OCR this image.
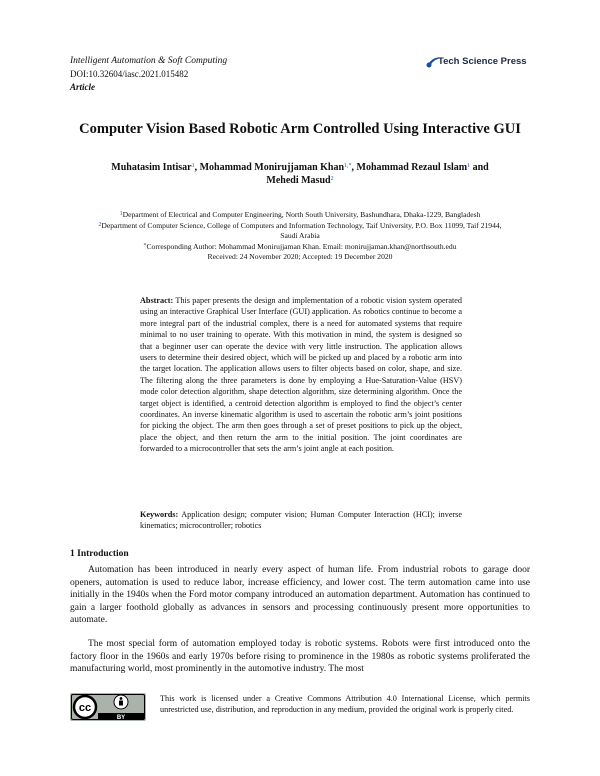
Intelligent Automation & Soft Computing
DOI:10.32604/iasc.2021.015482
Article
Tech Science Press
Computer Vision Based Robotic Arm Controlled Using Interactive GUI
Muhatasim Intisar$^1$, Mohammad Monirujjaman Khan$^{1,*}$, Mohammad Rezaul Islam$^1$ and
Mehedi Masud$^2$
$^1$Department of Electrical and Computer Engineering, North South University, Bashundhara, Dhaka-1229, Bangladesh
$^2$Department of Computer Science, College of Computers and Information Technology, Taif University, P.O. Box 11099, Taif 21944,
Saudi Arabia
*Corresponding Author: Mohammad Monirujjaman Khan. Email: monirujjaman.khan@northsouth.edu
Received: 24 November 2020; Accepted: 19 December 2020
Abstract: This paper presents the design and implementation of a robotic vision system operated using an interactive Graphical User Interface (GUI) application. As robotics continue to become a more integral part of the industrial complex, there is a need for automated systems that require minimal to no user training to operate. With this motivation in mind, the system is designed so that a beginner user can operate the device with very little instruction. The application allows users to determine their desired object, which will be picked up and placed by a robotic arm into the target location. The application allows users to filter objects based on color, shape, and size. The filtering along the three parameters is done by employing a Hue-Saturation-Value (HSV) mode color detection algorithm, shape detection algorithm, size determining algorithm. Once the target object is identified, a centroid detection algorithm is employed to find the object’s center coordinates. An inverse kinematic algorithm is used to ascertain the robotic arm’s joint positions for picking the object. The arm then goes through a set of preset positions to pick up the object, place the object, and then return the arm to the initial position. The joint coordinates are forwarded to a microcontroller that sets the arm’s joint angle at each position.
Keywords: Application design; computer vision; Human Computer Interaction (HCI); inverse kinematics; microcontroller; robotics
1 Introduction
Automation has been introduced in nearly every aspect of human life. From industrial robots to garage door openers, automation is used to reduce labor, increase efficiency, and lower cost. The term automation came into use initially in the 1940s when the Ford motor company introduced an automation department. Automation has continued to gain a larger foothold globally as advances in sensors and processing continuously present more opportunities to automate.
The most special form of automation employed today is robotic systems. Robots were first introduced onto the factory floor in the 1960s and early 1970s before rising to prominence in the 1980s as robotic systems proliferated the manufacturing world, most prominently in the automotive industry. The most
cc
BY
This work is licensed under a Creative Commons Attribution 4.0 International License, which permits unrestricted use, distribution, and reproduction in any medium, provided the original work is properly cited.
